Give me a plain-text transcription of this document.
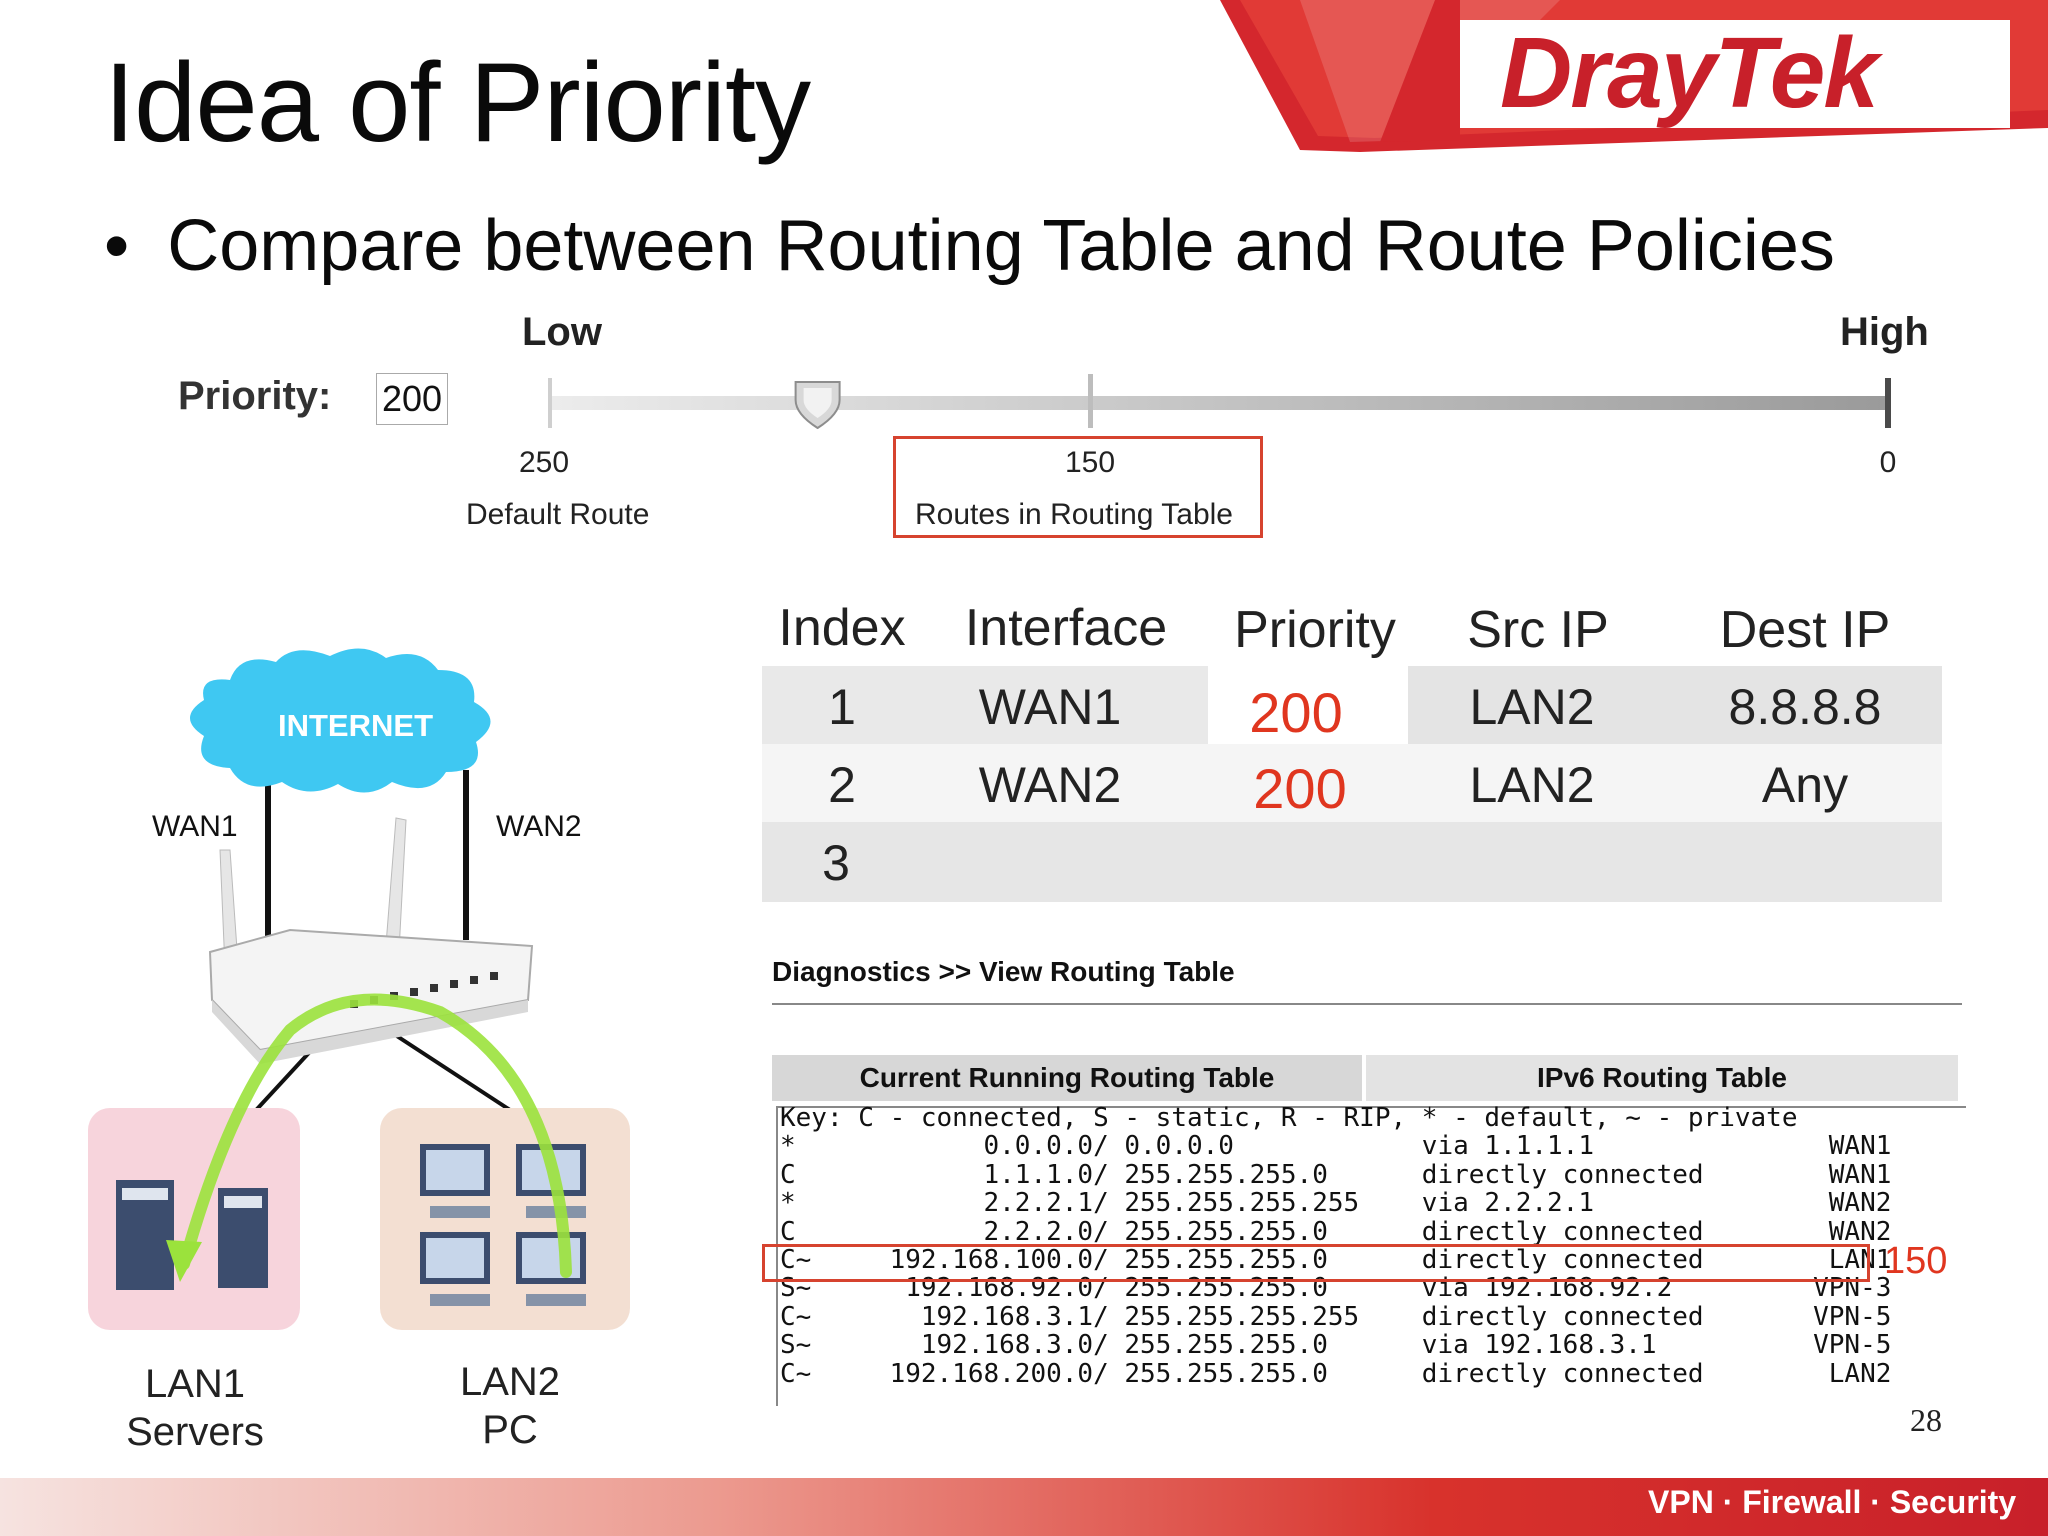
DrayTek
Idea of Priority
• Compare between Routing Table and Route Policies
Low	High
Priority: 200
250	150	0
Default Route	Routes in Routing Table
Index	Interface	Priority	Src IP	Dest IP
1	WAN1	200	LAN2	8.8.8.8
2	WAN2	200	LAN2	Any
3
Diagnostics >> View Routing Table
Current Running Routing Table	IPv6 Routing Table
Key: C - connected, S - static, R - RIP, * - default, ~ - private
*            0.0.0.0/ 0.0.0.0            via 1.1.1.1               WAN1
C            1.1.1.0/ 255.255.255.0      directly connected        WAN1
*            2.2.2.1/ 255.255.255.255    via 2.2.2.1               WAN2
C            2.2.2.0/ 255.255.255.0      directly connected        WAN2
C~     192.168.100.0/ 255.255.255.0      directly connected        LAN1
S~      192.168.92.0/ 255.255.255.0      via 192.168.92.2         VPN-3
C~       192.168.3.1/ 255.255.255.255    directly connected       VPN-5
S~       192.168.3.0/ 255.255.255.0      via 192.168.3.1          VPN-5
C~     192.168.200.0/ 255.255.255.0      directly connected        LAN2
150
INTERNET
WAN1	WAN2
LAN1
Servers
LAN2
PC	28
VPN · Firewall · Security
